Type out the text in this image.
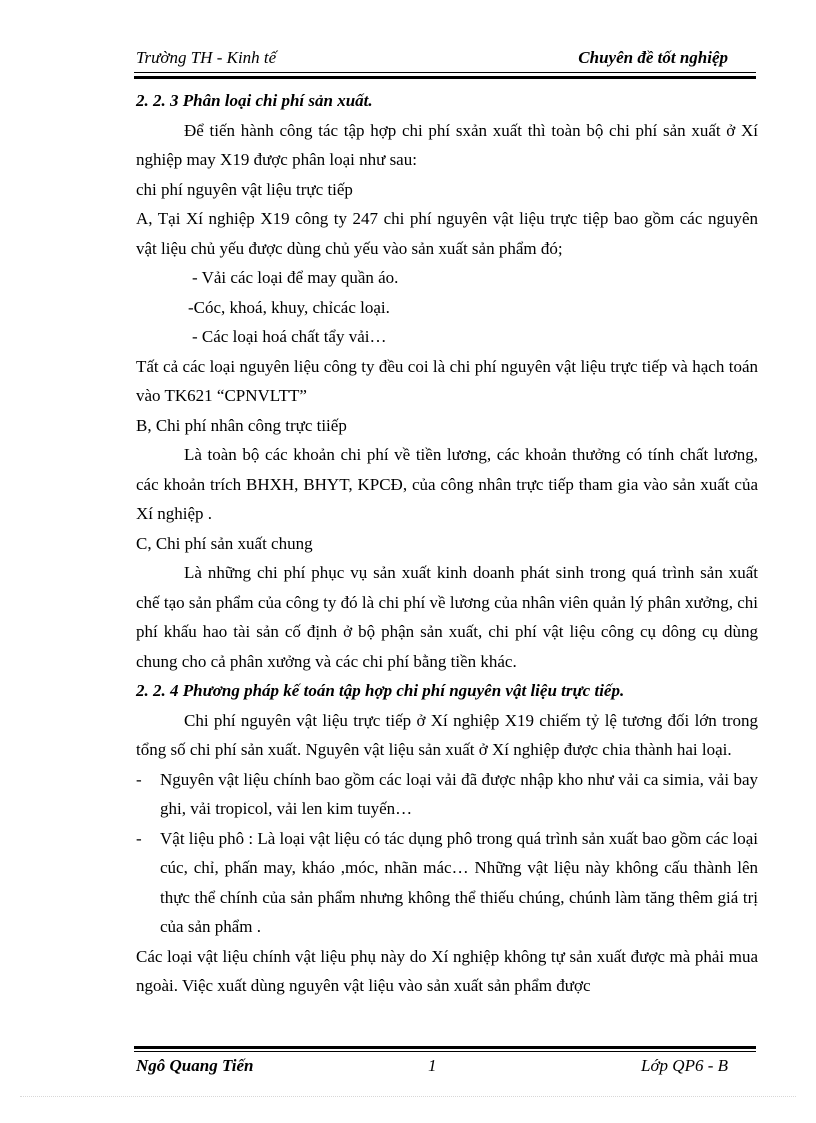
Trường TH - Kinh tế	Chuyên đề tốt nghiệp

2. 2. 3 Phân loại chi phí sản xuất.

Để tiến hành công tác tập hợp chi phí sxản xuất thì toàn bộ chi phí sản xuất ở Xí nghiệp may X19 được phân loại như sau:

chi phí nguyên vật liệu trực tiếp

A, Tại Xí nghiệp X19 công ty 247 chi phí nguyên vật liệu trực tiệp bao gồm các nguyên vật liệu chủ yếu được dùng chủ yếu vào sản xuất sản phẩm đó;

- Vải các loại để may quần áo.

-Cóc, khoá, khuy, chỉcác loại.

- Các loại hoá chất tẩy vải…

Tất cả các loại nguyên liệu công ty đều coi là chi phí nguyên vật liệu trực tiếp và hạch toán vào TK621 “CPNVLTT”

B, Chi phí nhân công trực tiiếp

Là toàn bộ các khoản chi phí về tiền lương, các khoản thưởng có tính chất lương, các khoản trích BHXH, BHYT, KPCĐ, của công nhân trực tiếp tham gia vào sản xuất của Xí nghiệp .

C, Chi phí sản xuất chung

Là những chi phí phục vụ sản xuất kinh doanh phát sinh trong quá trình sản xuất chế tạo sản phẩm của công ty đó là chi phí về lương của nhân viên quản lý phân xưởng, chi phí khấu hao tài sản cố định ở bộ phận sản xuất, chi phí vật liệu công cụ dông cụ dùng chung cho cả phân xưởng và các chi phí bằng tiền khác.

2. 2. 4 Phương pháp kế toán tập hợp chi phí nguyên vật liệu trực tiếp.

Chi phí nguyên vật liệu trực tiếp ở Xí nghiệp X19 chiếm tỷ lệ tương đối lớn trong tổng số chi phí sản xuất. Nguyên vật liệu sản xuất ở Xí nghiệp được chia thành hai loại.

-	Nguyên vật liệu chính bao gồm các loại vải đã được nhập kho như vải ca simia, vải bay ghi, vải tropicol, vải len kim tuyến…
-	Vật liệu phô : Là loại vật liệu có tác dụng phô trong quá trình sản xuất bao gồm các loại cúc, chỉ, phấn may, kháo ,móc, nhãn mác… Những vật liệu này không cấu thành lên thực thể chính của sản phẩm nhưng không thể thiếu chúng, chúnh làm tăng thêm giá trị của sản phẩm .

Các loại vật liệu chính vật liệu phụ này do Xí nghiệp không tự sản xuất được mà phải mua ngoài. Việc xuất dùng nguyên vật liệu vào sản xuất sản phẩm được

Ngô Quang Tiến	1	Lớp QP6 - B
